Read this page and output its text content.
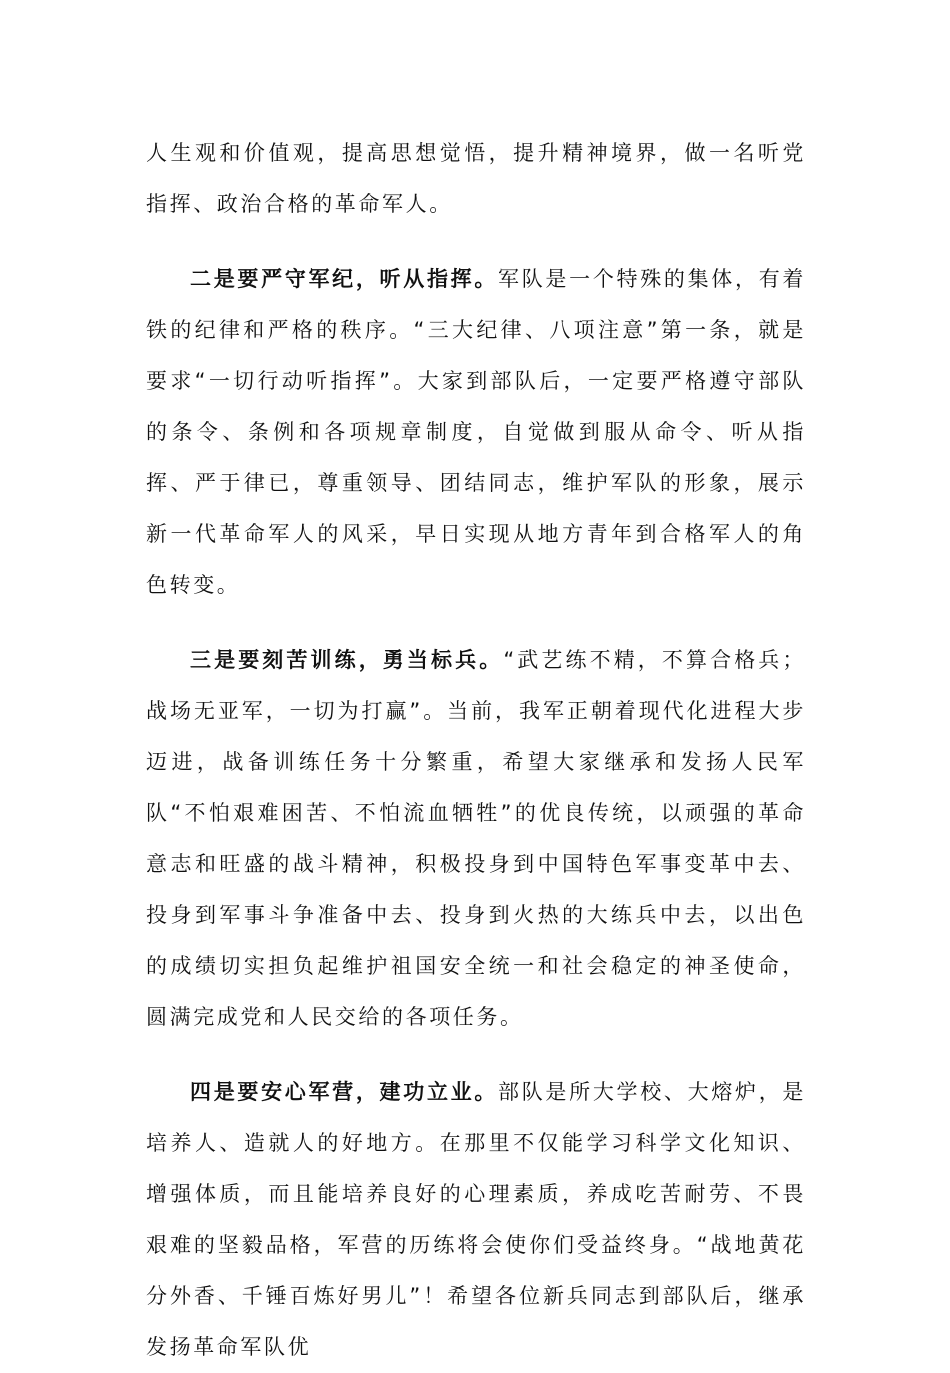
人生观和价值观，提高思想觉悟，提升精神境界，做一名听党指挥、政治合格的革命军人。

二是要严守军纪，听从指挥。军队是一个特殊的集体，有着铁的纪律和严格的秩序。“三大纪律、八项注意”第一条，就是要求“一切行动听指挥”。大家到部队后，一定要严格遵守部队的条令、条例和各项规章制度，自觉做到服从命令、听从指挥、严于律已，尊重领导、团结同志，维护军队的形象，展示新一代革命军人的风采，早日实现从地方青年到合格军人的角色转变。

三是要刻苦训练，勇当标兵。“武艺练不精，不算合格兵；战场无亚军，一切为打赢”。当前，我军正朝着现代化进程大步迈进，战备训练任务十分繁重，希望大家继承和发扬人民军队“不怕艰难困苦、不怕流血牺牲”的优良传统，以顽强的革命意志和旺盛的战斗精神，积极投身到中国特色军事变革中去、投身到军事斗争准备中去、投身到火热的大练兵中去，以出色的成绩切实担负起维护祖国安全统一和社会稳定的神圣使命，圆满完成党和人民交给的各项任务。

四是要安心军营，建功立业。部队是所大学校、大熔炉，是培养人、造就人的好地方。在那里不仅能学习科学文化知识、增强体质，而且能培养良好的心理素质，养成吃苦耐劳、不畏艰难的坚毅品格，军营的历练将会使你们受益终身。“战地黄花分外香、千锤百炼好男儿”！希望各位新兵同志到部队后，继承发扬革命军队优
